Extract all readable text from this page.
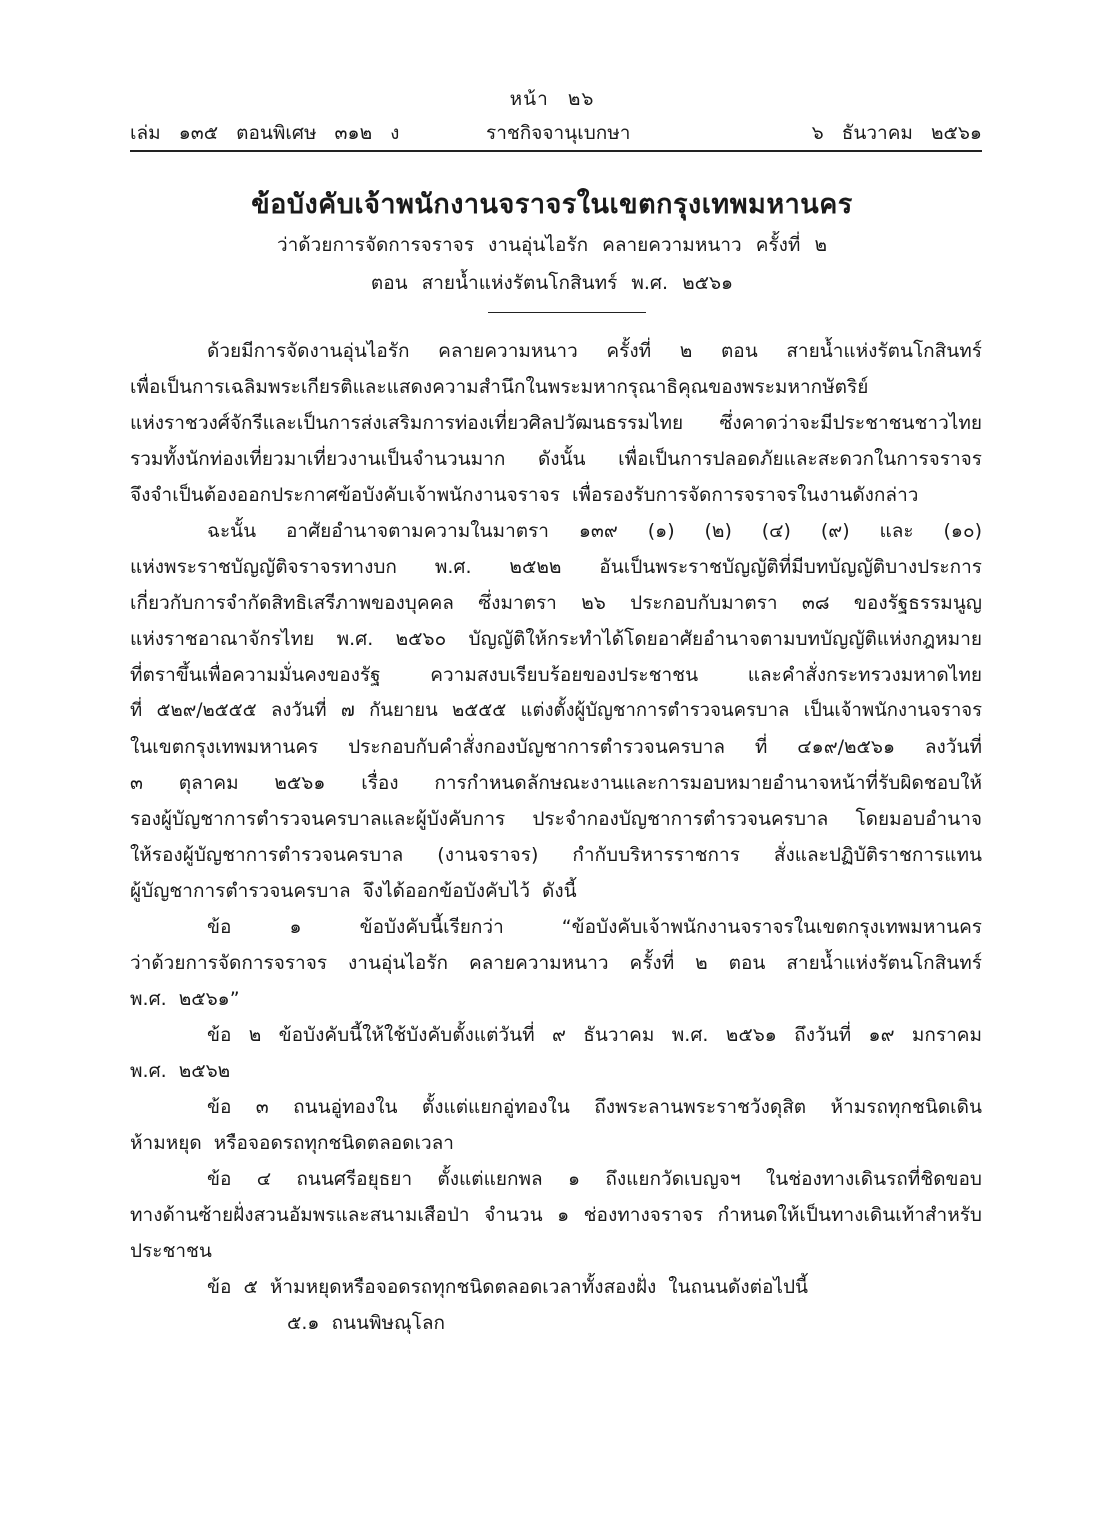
หน้า ๒๖
เล่ม ๑๓๕ ตอนพิเศษ ๓๑๒ ง	ราชกิจจานุเบกษา	๖ ธันวาคม ๒๕๖๑
ข้อบังคับเจ้าพนักงานจราจรในเขตกรุงเทพมหานคร
ว่าด้วยการจัดการจราจร งานอุ่นไอรัก คลายความหนาว ครั้งที่ ๒
ตอน สายน้ำแห่งรัตนโกสินทร์ พ.ศ. ๒๕๖๑
ด้วยมีการจัดงานอุ่นไอรัก คลายความหนาว ครั้งที่ ๒ ตอน สายน้ำแห่งรัตนโกสินทร์
เพื่อเป็นการเฉลิมพระเกียรติและแสดงความสำนึกในพระมหากรุณาธิคุณของพระมหากษัตริย์
แห่งราชวงศ์จักรีและเป็นการส่งเสริมการท่องเที่ยวศิลปวัฒนธรรมไทย ซึ่งคาดว่าจะมีประชาชนชาวไทย
รวมทั้งนักท่องเที่ยวมาเที่ยวงานเป็นจำนวนมาก ดังนั้น เพื่อเป็นการปลอดภัยและสะดวกในการจราจร
จึงจำเป็นต้องออกประกาศข้อบังคับเจ้าพนักงานจราจร เพื่อรองรับการจัดการจราจรในงานดังกล่าว
ฉะนั้น อาศัยอำนาจตามความในมาตรา ๑๓๙ (๑) (๒) (๔) (๙) และ (๑๐)
แห่งพระราชบัญญัติจราจรทางบก พ.ศ. ๒๕๒๒ อันเป็นพระราชบัญญัติที่มีบทบัญญัติบางประการ
เกี่ยวกับการจำกัดสิทธิเสรีภาพของบุคคล ซึ่งมาตรา ๒๖ ประกอบกับมาตรา ๓๘ ของรัฐธรรมนูญ
แห่งราชอาณาจักรไทย พ.ศ. ๒๕๖๐ บัญญัติให้กระทำได้โดยอาศัยอำนาจตามบทบัญญัติแห่งกฎหมาย
ที่ตราขึ้นเพื่อความมั่นคงของรัฐ ความสงบเรียบร้อยของประชาชน และคำสั่งกระทรวงมหาดไทย
ที่ ๕๒๙/๒๕๕๕ ลงวันที่ ๗ กันยายน ๒๕๕๕ แต่งตั้งผู้บัญชาการตำรวจนครบาล เป็นเจ้าพนักงานจราจร
ในเขตกรุงเทพมหานคร ประกอบกับคำสั่งกองบัญชาการตำรวจนครบาล ที่ ๔๑๙/๒๕๖๑ ลงวันที่
๓ ตุลาคม ๒๕๖๑ เรื่อง การกำหนดลักษณะงานและการมอบหมายอำนาจหน้าที่รับผิดชอบให้
รองผู้บัญชาการตำรวจนครบาลและผู้บังคับการ ประจำกองบัญชาการตำรวจนครบาล โดยมอบอำนาจ
ให้รองผู้บัญชาการตำรวจนครบาล (งานจราจร) กำกับบริหารราชการ สั่งและปฏิบัติราชการแทน
ผู้บัญชาการตำรวจนครบาล จึงได้ออกข้อบังคับไว้ ดังนี้
ข้อ ๑ ข้อบังคับนี้เรียกว่า “ข้อบังคับเจ้าพนักงานจราจรในเขตกรุงเทพมหานคร
ว่าด้วยการจัดการจราจร งานอุ่นไอรัก คลายความหนาว ครั้งที่ ๒ ตอน สายน้ำแห่งรัตนโกสินทร์
พ.ศ. ๒๕๖๑”
ข้อ ๒ ข้อบังคับนี้ให้ใช้บังคับตั้งแต่วันที่ ๙ ธันวาคม พ.ศ. ๒๕๖๑ ถึงวันที่ ๑๙ มกราคม
พ.ศ. ๒๕๖๒
ข้อ ๓ ถนนอู่ทองใน ตั้งแต่แยกอู่ทองใน ถึงพระลานพระราชวังดุสิต ห้ามรถทุกชนิดเดิน
ห้ามหยุด หรือจอดรถทุกชนิดตลอดเวลา
ข้อ ๔ ถนนศรีอยุธยา ตั้งแต่แยกพล ๑ ถึงแยกวัดเบญจฯ ในช่องทางเดินรถที่ชิดขอบ
ทางด้านซ้ายฝั่งสวนอัมพรและสนามเสือป่า จำนวน ๑ ช่องทางจราจร กำหนดให้เป็นทางเดินเท้าสำหรับ
ประชาชน
ข้อ ๕ ห้ามหยุดหรือจอดรถทุกชนิดตลอดเวลาทั้งสองฝั่ง ในถนนดังต่อไปนี้
๕.๑ ถนนพิษณุโลก
